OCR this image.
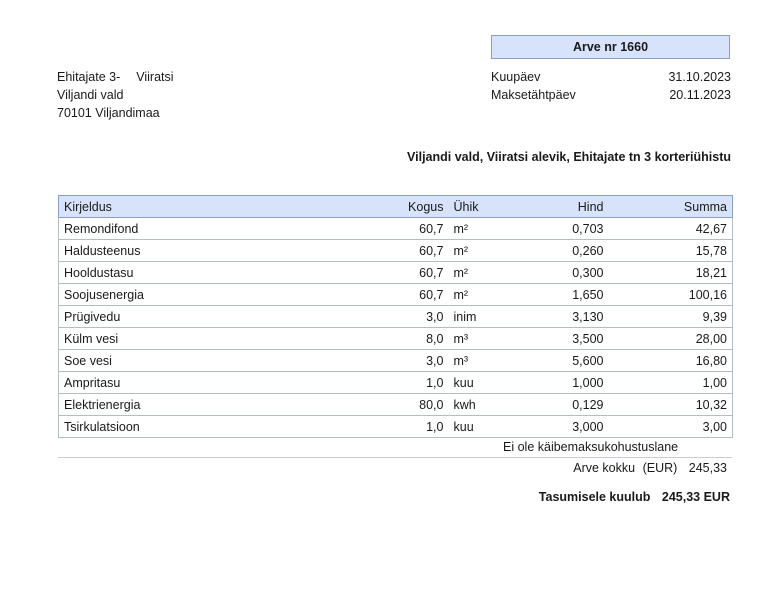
Arve nr 1660
Ehitajate 3- Viiratsi
Viljandi vald
70101 Viljandimaa
Kuupäev	31.10.2023
Maksetähtpäev	20.11.2023
Viljandi vald, Viiratsi alevik, Ehitajate tn 3 korteriühistu
Kirjeldus	Kogus	Ühik	Hind	Summa
Remondifond	60,7	m²	0,703	42,67
Haldusteenus	60,7	m²	0,260	15,78
Hooldustasu	60,7	m²	0,300	18,21
Soojusenergia	60,7	m²	1,650	100,16
Prügivedu	3,0	inim	3,130	9,39
Külm vesi	8,0	m³	3,500	28,00
Soe vesi	3,0	m³	5,600	16,80
Ampritasu	1,0	kuu	1,000	1,00
Elektrienergia	80,0	kwh	0,129	10,32
Tsirkulatsioon	1,0	kuu	3,000	3,00
Ei ole käibemaksukohustuslane
Arve kokku (EUR) 245,33
Tasumisele kuulub 245,33 EUR
